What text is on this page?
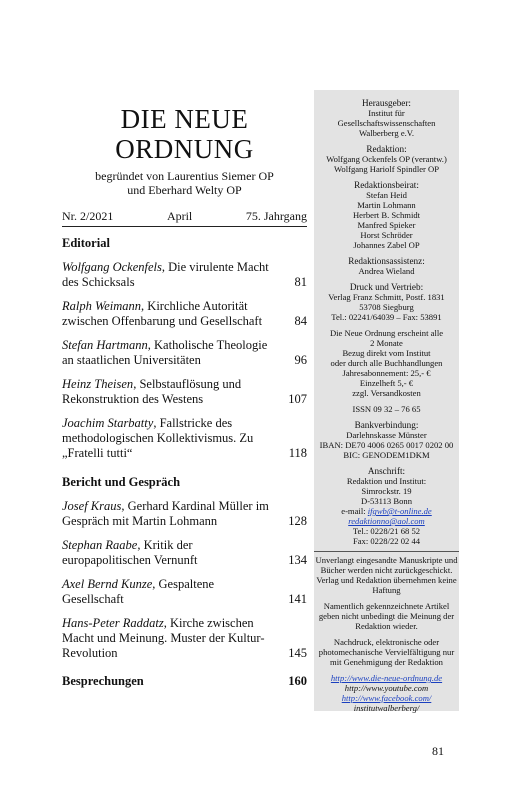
DIE NEUE
ORDNUNG
begründet von Laurentius Siemer OP
und Eberhard Welty OP
Nr. 2/2021	April	75. Jahrgang
Editorial
Wolfgang Ockenfels, Die virulente Macht des Schicksals	81
Ralph Weimann, Kirchliche Autorität zwischen Offenbarung und Gesellschaft	84
Stefan Hartmann, Katholische Theologie an staatlichen Universitäten	96
Heinz Theisen, Selbstauflösung und Rekonstruktion des Westens	107
Joachim Starbatty, Fallstricke des methodologischen Kollektivismus. Zu „Fratelli tutti“	118
Bericht und Gespräch
Josef Kraus, Gerhard Kardinal Müller im Gespräch mit Martin Lohmann	128
Stephan Raabe, Kritik der europapolitischen Vernunft	134
Axel Bernd Kunze, Gespaltene Gesellschaft	141
Hans-Peter Raddatz, Kirche zwischen Macht und Meinung. Muster der Kultur-Revolution	145
Besprechungen	160
Herausgeber:
Institut für
Gesellschaftswissenschaften
Walberberg e.V.
Redaktion:
Wolfgang Ockenfels OP (verantw.)
Wolfgang Hariolf Spindler OP
Redaktionsbeirat:
Stefan Heid
Martin Lohmann
Herbert B. Schmidt
Manfred Spieker
Horst Schröder
Johannes Zabel OP
Redaktionsassistenz:
Andrea Wieland
Druck und Vertrieb:
Verlag Franz Schmitt, Postf. 1831
53708 Siegburg
Tel.: 02241/64039 – Fax: 53891
Die Neue Ordnung erscheint alle
2 Monate
Bezug direkt vom Institut
oder durch alle Buchhandlungen
Jahresabonnement: 25,- €
Einzelheft 5,- €
zzgl. Versandkosten
ISSN 09 32 – 76 65
Bankverbindung:
Darlehnskasse Münster
IBAN: DE70 4006 0265 0017 0202 00
BIC: GENODEM1DKM
Anschrift:
Redaktion und Institut:
Simrockstr. 19
D-53113 Bonn
e-mail: ifgwb@t-online.de
redaktionno@aol.com
Tel.: 0228/21 68 52
Fax: 0228/22 02 44
Unverlangt eingesandte Manuskripte und Bücher werden nicht zurückgeschickt. Verlag und Redaktion übernehmen keine Haftung
Namentlich gekennzeichnete Artikel geben nicht unbedingt die Meinung der Redaktion wieder.
Nachdruck, elektronische oder photomechanische Vervielfältigung nur mit Genehmigung der Redaktion
http://www.die-neue-ordnung.de
http://www.youtube.com
http://www.facebook.com/
institutwalberberg/
81
